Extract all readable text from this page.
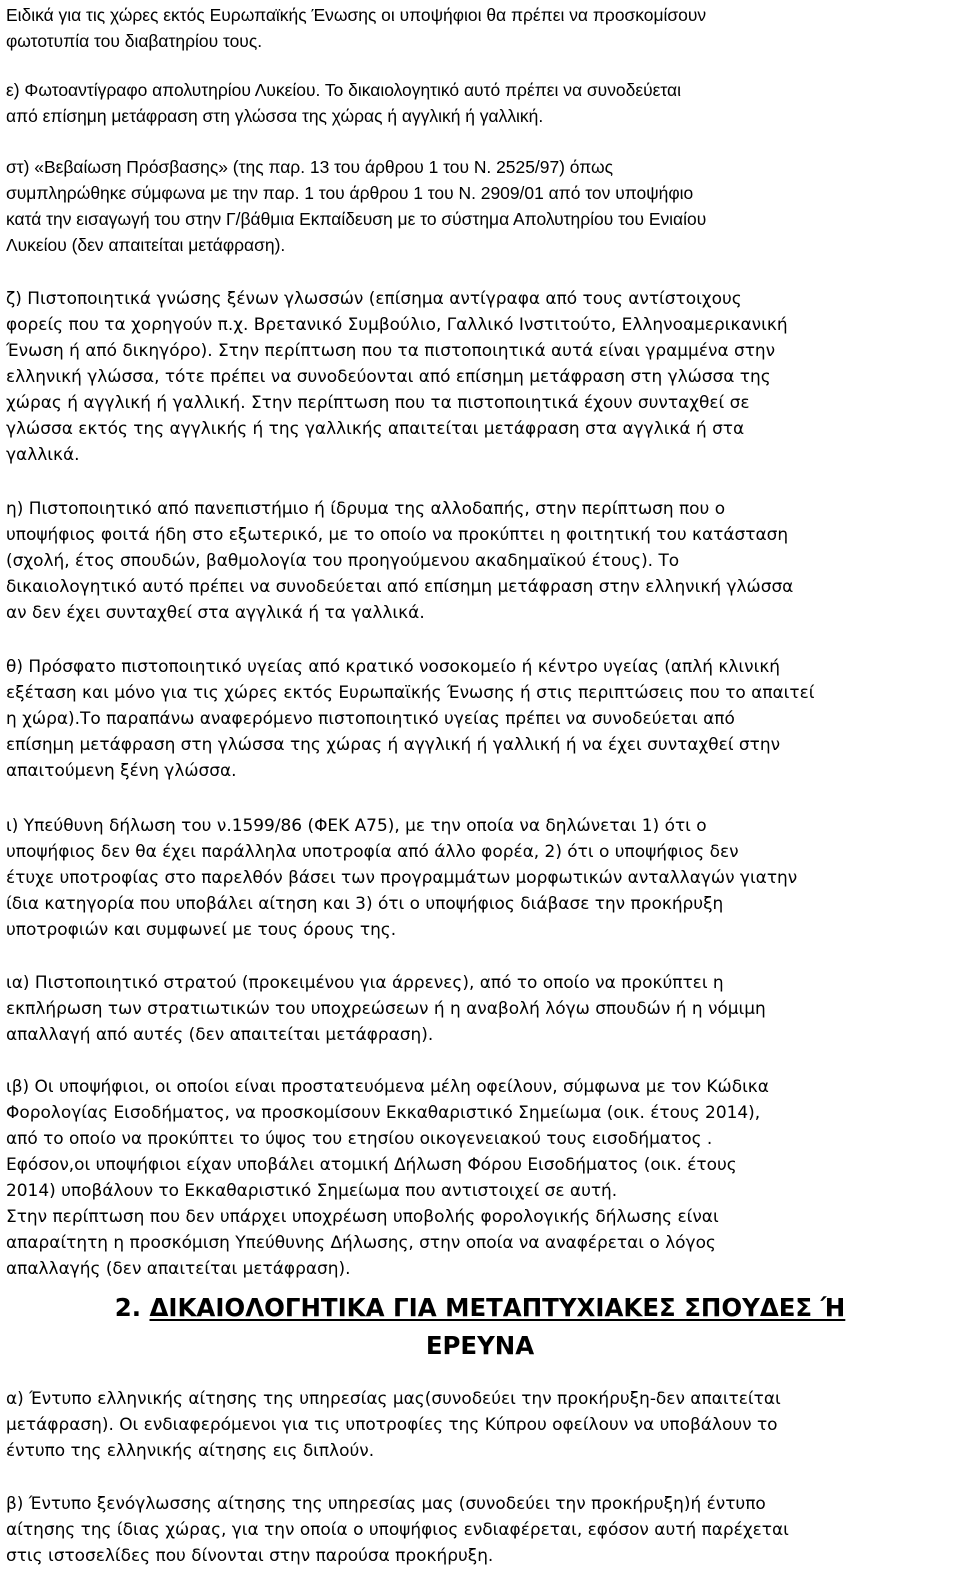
Ειδικά για τις χώρες εκτός Ευρωπαϊκής Ένωσης οι υποψήφιοι θα πρέπει να προσκομίσουν
φωτοτυπία του διαβατηρίου τους.
ε) Φωτοαντίγραφο απολυτηρίου Λυκείου. Το δικαιολογητικό αυτό πρέπει να συνοδεύεται
από επίσημη μετάφραση στη γλώσσα της χώρας ή αγγλική ή γαλλική.
στ) «Βεβαίωση Πρόσβασης» (της παρ. 13 του άρθρου 1 του Ν. 2525/97) όπως
συμπληρώθηκε σύμφωνα με την παρ. 1 του άρθρου 1 του Ν. 2909/01 από τον υποψήφιο
κατά την εισαγωγή του στην Γ/βάθμια Εκπαίδευση με το σύστημα Απολυτηρίου του Ενιαίου
Λυκείου (δεν απαιτείται μετάφραση).
ζ) Πιστοποιητικά γνώσης ξένων γλωσσών (επίσημα αντίγραφα από τους αντίστοιχους
φορείς που τα χορηγούν π.χ. Βρετανικό Συμβούλιο, Γαλλικό Ινστιτούτο, Ελληνοαμερικανική
Ένωση ή από δικηγόρο). Στην περίπτωση που τα πιστοποιητικά αυτά είναι γραμμένα στην
ελληνική γλώσσα, τότε πρέπει να συνοδεύονται από επίσημη μετάφραση στη γλώσσα της
χώρας ή αγγλική ή γαλλική. Στην περίπτωση που τα πιστοποιητικά έχουν συνταχθεί σε
γλώσσα εκτός της αγγλικής ή της γαλλικής απαιτείται μετάφραση στα αγγλικά ή στα
γαλλικά.
η) Πιστοποιητικό από πανεπιστήμιο ή ίδρυμα της αλλοδαπής, στην περίπτωση που ο
υποψήφιος φοιτά ήδη στο εξωτερικό, με το οποίο να προκύπτει η φοιτητική του κατάσταση
(σχολή, έτος σπουδών, βαθμολογία του προηγούμενου ακαδημαϊκού έτους). Το
δικαιολογητικό αυτό πρέπει να συνοδεύεται από επίσημη μετάφραση στην ελληνική γλώσσα
αν δεν έχει συνταχθεί στα αγγλικά ή τα γαλλικά.
θ) Πρόσφατο πιστοποιητικό υγείας από κρατικό νοσοκομείο ή κέντρο υγείας (απλή κλινική
εξέταση και μόνο για τις χώρες εκτός Ευρωπαϊκής Ένωσης ή στις περιπτώσεις που το απαιτεί
η χώρα).Το παραπάνω αναφερόμενο πιστοποιητικό υγείας πρέπει να συνοδεύεται από
επίσημη μετάφραση στη γλώσσα της χώρας ή αγγλική ή γαλλική ή να έχει συνταχθεί στην
απαιτούμενη ξένη γλώσσα.
ι) Υπεύθυνη δήλωση του ν.1599/86 (ΦΕΚ Α75), με την οποία να δηλώνεται 1) ότι ο
υποψήφιος δεν θα έχει παράλληλα υποτροφία από άλλο φορέα, 2) ότι ο υποψήφιος δεν
έτυχε υποτροφίας στο παρελθόν βάσει των προγραμμάτων μορφωτικών ανταλλαγών γιατην
ίδια κατηγορία που υποβάλει αίτηση και 3) ότι ο υποψήφιος διάβασε την προκήρυξη
υποτροφιών και συμφωνεί με τους όρους της.
ια) Πιστοποιητικό στρατού (προκειμένου για άρρενες), από το οποίο να προκύπτει η
εκπλήρωση των στρατιωτικών του υποχρεώσεων ή η αναβολή λόγω σπουδών ή η νόμιμη
απαλλαγή από αυτές (δεν απαιτείται μετάφραση).
ιβ) Οι υποψήφιοι, οι οποίοι είναι προστατευόμενα μέλη οφείλουν, σύμφωνα με τον Κώδικα
Φορολογίας Εισοδήματος, να προσκομίσουν Εκκαθαριστικό Σημείωμα (οικ. έτους 2014),
από το οποίο να προκύπτει το ύψος του ετησίου οικογενειακού τους εισοδήματος .
Εφόσον,οι υποψήφιοι είχαν υποβάλει ατομική Δήλωση Φόρου Εισοδήματος (οικ. έτους
2014) υποβάλουν το Εκκαθαριστικό Σημείωμα που αντιστοιχεί σε αυτή.
Στην περίπτωση που δεν υπάρχει υποχρέωση υποβολής φορολογικής δήλωσης είναι
απαραίτητη η προσκόμιση Υπεύθυνης Δήλωσης, στην οποία να αναφέρεται ο λόγος
απαλλαγής (δεν απαιτείται μετάφραση).
2. ΔΙΚΑΙΟΛΟΓΗΤΙΚΑ ΓΙΑ ΜΕΤΑΠΤΥΧΙΑΚΕΣ ΣΠΟΥΔΕΣ Ή
ΕΡΕΥΝΑ
α) Έντυπο ελληνικής αίτησης της υπηρεσίας μας(συνοδεύει την προκήρυξη-δεν απαιτείται
μετάφραση). Οι ενδιαφερόμενοι για τις υποτροφίες της Κύπρου οφείλουν να υποβάλουν το
έντυπο της ελληνικής αίτησης εις διπλούν.
β) Έντυπο ξενόγλωσσης αίτησης της υπηρεσίας μας (συνοδεύει την προκήρυξη)ή έντυπο
αίτησης της ίδιας χώρας, για την οποία ο υποψήφιος ενδιαφέρεται, εφόσον αυτή παρέχεται
στις ιστοσελίδες που δίνονται στην παρούσα προκήρυξη.
